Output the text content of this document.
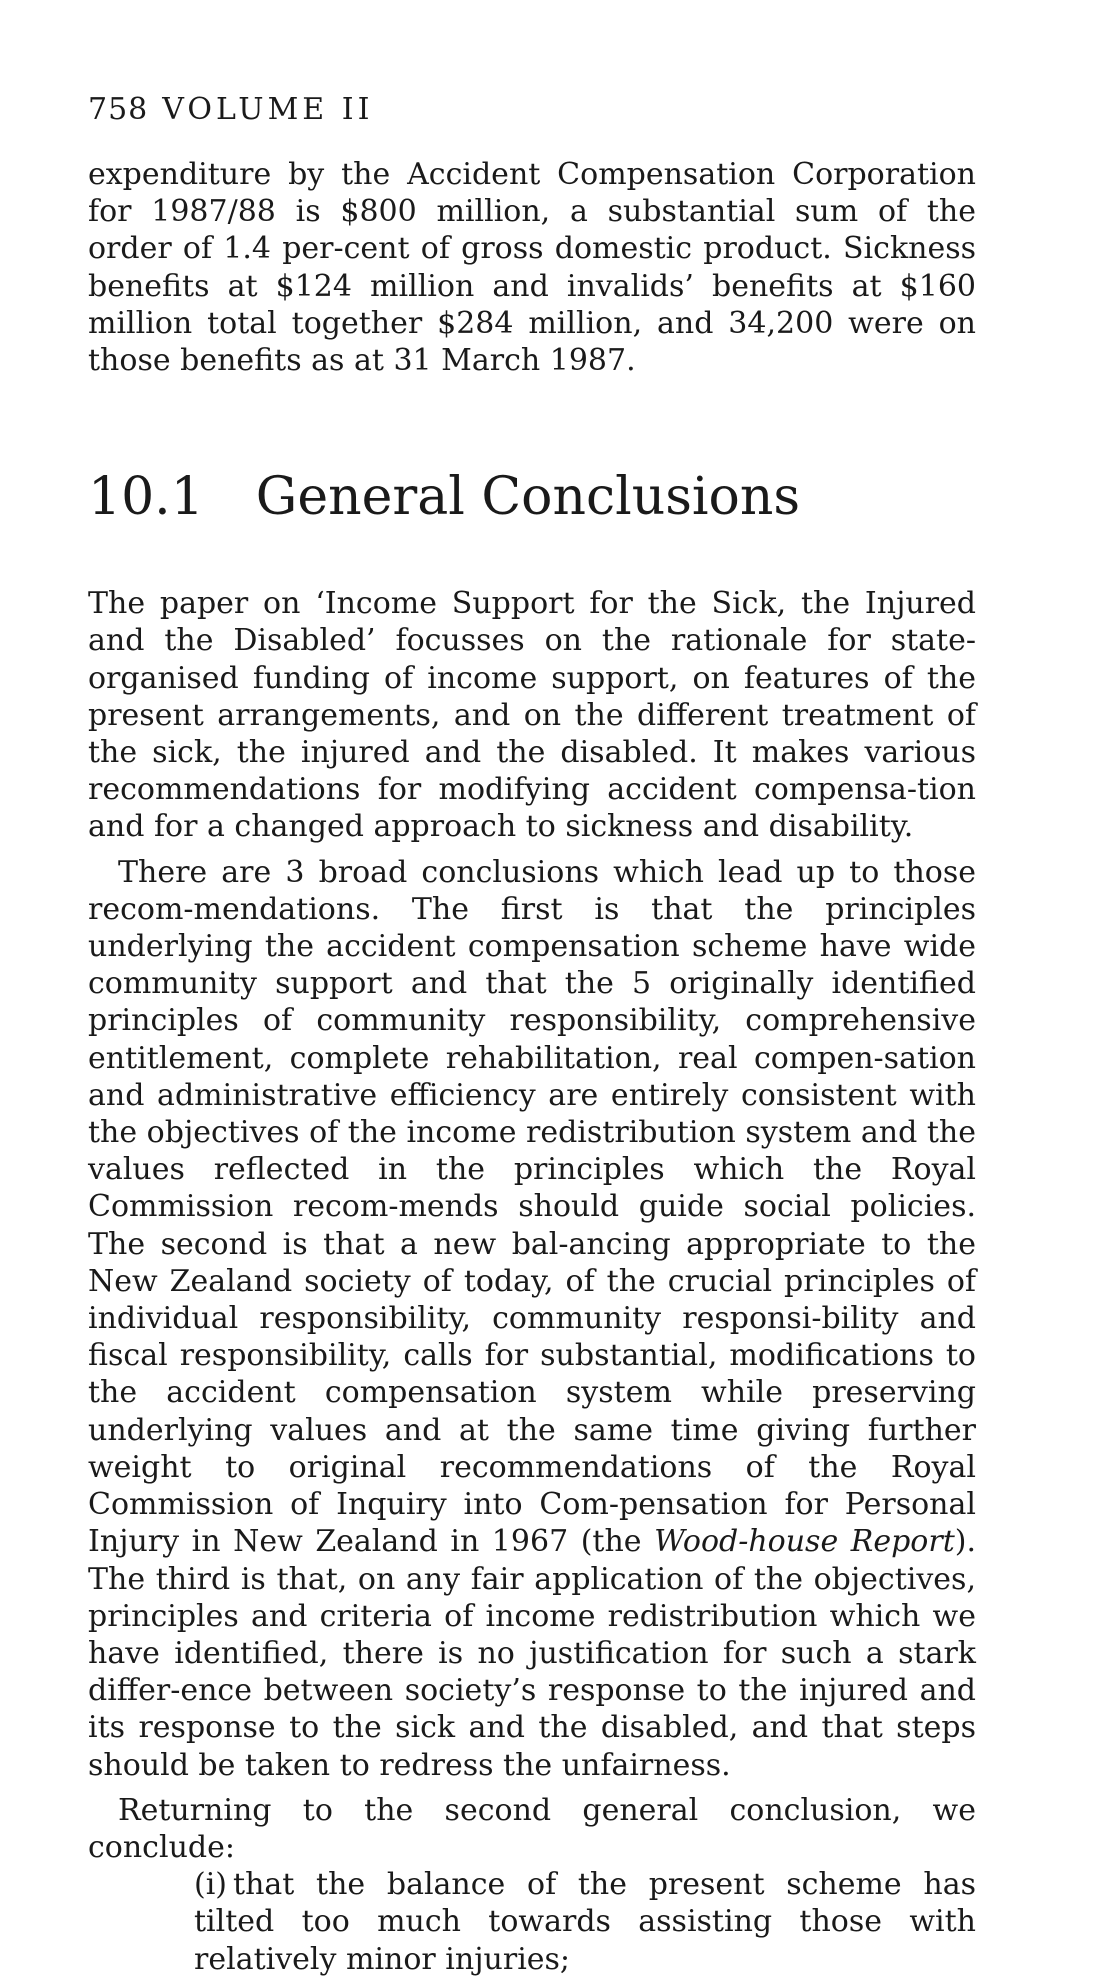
758 VOLUME II

expenditure by the Accident Compensation Corporation for 1987/88 is $800 million, a substantial sum of the order of 1.4 per-cent of gross domestic product. Sickness benefits at $124 million and invalids’ benefits at $160 million total together $284 million, and 34,200 were on those benefits as at 31 March 1987.

10.1 General Conclusions

The paper on ‘Income Support for the Sick, the Injured and the Disabled’ focusses on the rationale for state-organised funding of income support, on features of the present arrangements, and on the different treatment of the sick, the injured and the disabled. It makes various recommendations for modifying accident compensa-tion and for a changed approach to sickness and disability.

There are 3 broad conclusions which lead up to those recom-mendations. The first is that the principles underlying the accident compensation scheme have wide community support and that the 5 originally identified principles of community responsibility, comprehensive entitlement, complete rehabilitation, real compen-sation and administrative efficiency are entirely consistent with the objectives of the income redistribution system and the values reflected in the principles which the Royal Commission recom-mends should guide social policies. The second is that a new bal-ancing appropriate to the New Zealand society of today, of the crucial principles of individual responsibility, community responsi-bility and fiscal responsibility, calls for substantial, modifications to the accident compensation system while preserving underlying values and at the same time giving further weight to original recommendations of the Royal Commission of Inquiry into Com-pensation for Personal Injury in New Zealand in 1967 (the Wood-house Report). The third is that, on any fair application of the objectives, principles and criteria of income redistribution which we have identified, there is no justification for such a stark differ-ence between society’s response to the injured and its response to the sick and the disabled, and that steps should be taken to redress the unfairness.

Returning to the second general conclusion, we conclude:

(i) that the balance of the present scheme has tilted too much towards assisting those with relatively minor injuries;
